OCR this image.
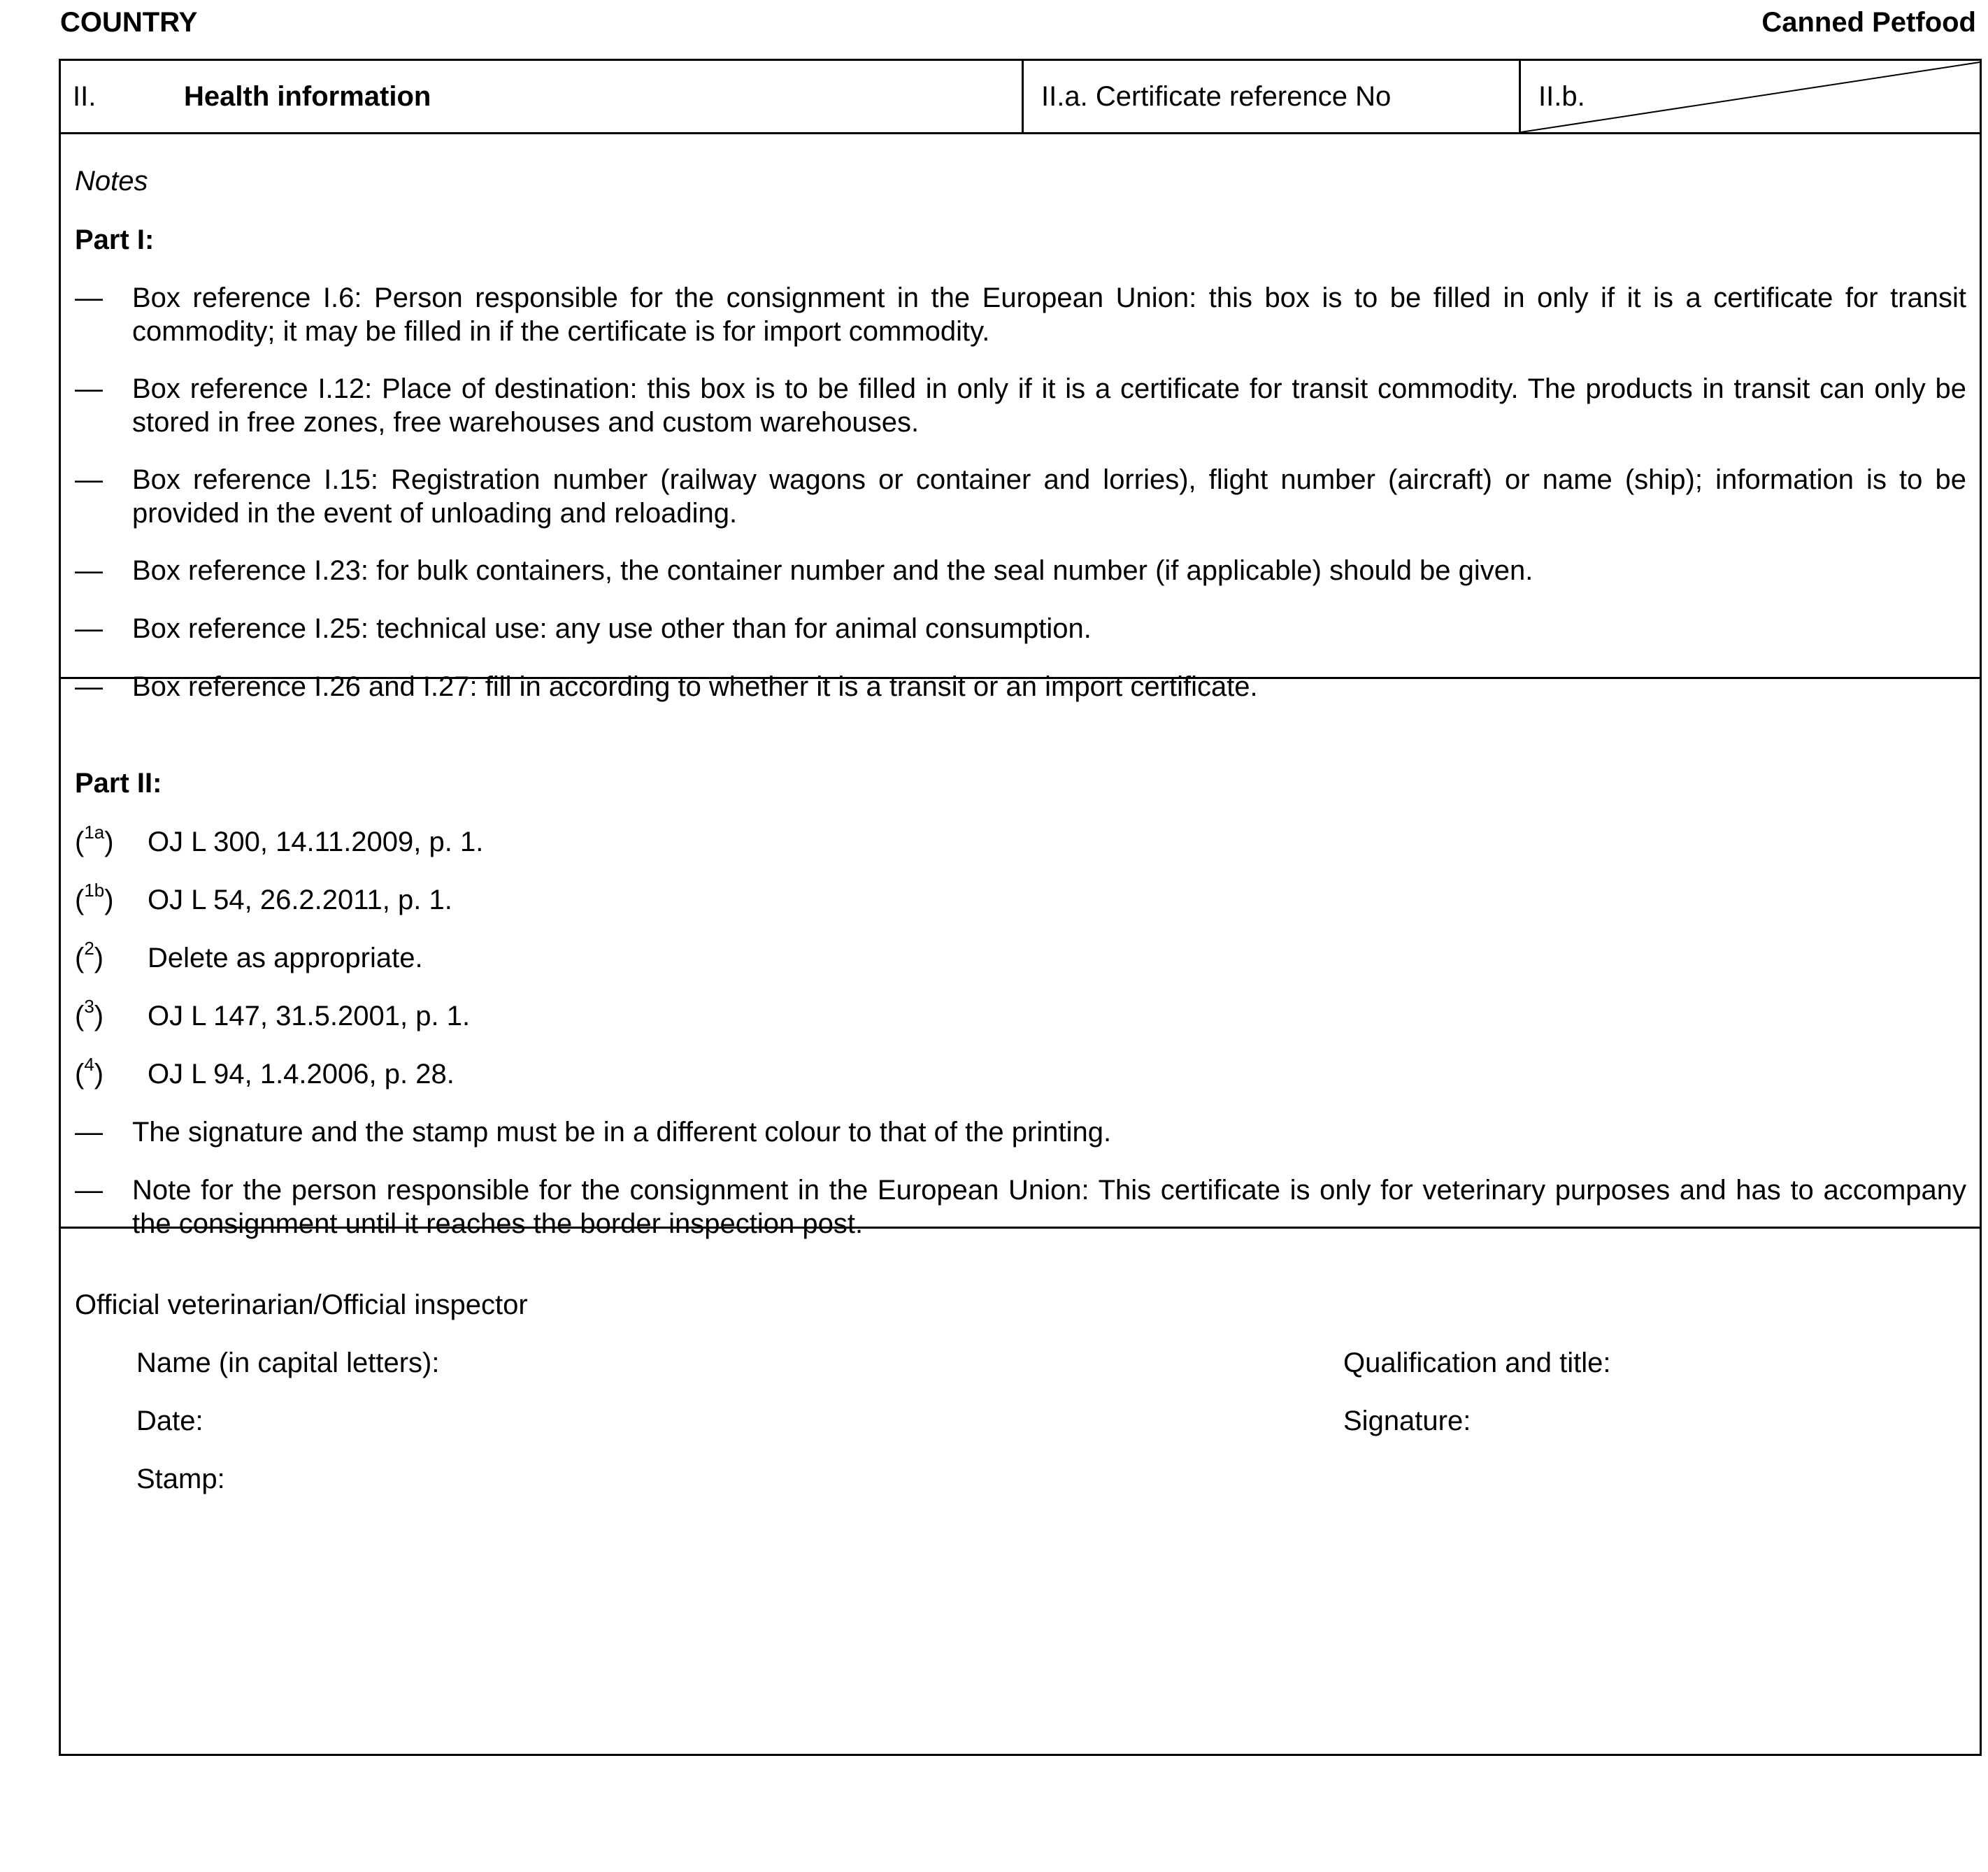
COUNTRY	Canned Petfood
II.	Health information	II.a. Certificate reference No	II.b.
Notes
Part I:
— Box reference I.6: Person responsible for the consignment in the European Union: this box is to be filled in only if it is a certificate for transit commodity; it may be filled in if the certificate is for import commodity.
— Box reference I.12: Place of destination: this box is to be filled in only if it is a certificate for transit commodity. The products in transit can only be stored in free zones, free warehouses and custom warehouses.
— Box reference I.15: Registration number (railway wagons or container and lorries), flight number (aircraft) or name (ship); information is to be provided in the event of unloading and reloading.
— Box reference I.23: for bulk containers, the container number and the seal number (if applicable) should be given.
— Box reference I.25: technical use: any use other than for animal consumption.
— Box reference I.26 and I.27: fill in according to whether it is a transit or an import certificate.
Part II:
($^{1a}$) OJ L 300, 14.11.2009, p. 1.
($^{1b}$) OJ L 54, 26.2.2011, p. 1.
($^2$) Delete as appropriate.
($^3$) OJ L 147, 31.5.2001, p. 1.
($^4$) OJ L 94, 1.4.2006, p. 28.
— The signature and the stamp must be in a different colour to that of the printing.
— Note for the person responsible for the consignment in the European Union: This certificate is only for veterinary purposes and has to accompany the consignment until it reaches the border inspection post.
Official veterinarian/Official inspector
Name (in capital letters):	Qualification and title:
Date:	Signature:
Stamp:
